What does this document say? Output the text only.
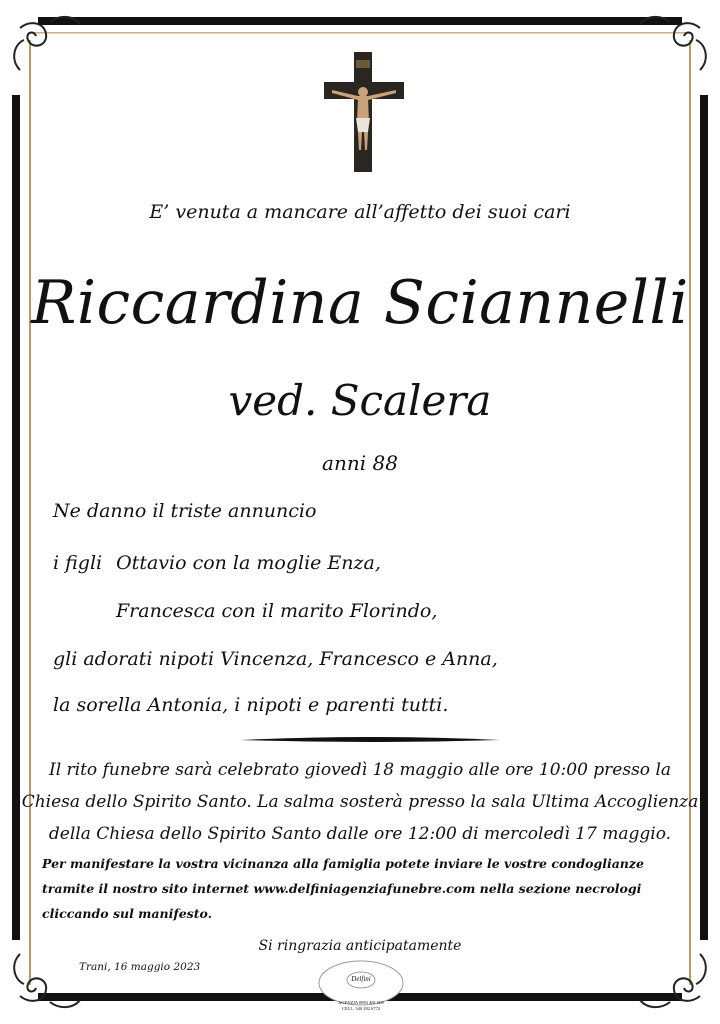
E’ venuta a mancare all’affetto dei suoi cari
Riccardina Sciannelli
ved. Scalera
anni 88
Ne danno il triste annuncio
i figli Ottavio con la moglie Enza,
Francesca con il marito Florindo,
gli adorati nipoti Vincenza, Francesco e Anna,
la sorella Antonia, i nipoti e parenti tutti.
Il rito funebre sarà celebrato giovedì 18 maggio alle ore 10:00 presso la
Chiesa dello Spirito Santo. La salma sosterà presso la sala Ultima Accoglienza
della Chiesa dello Spirito Santo dalle ore 12:00 di mercoledì 17 maggio.
Per manifestare la vostra vicinanza alla famiglia potete inviare le vostre condoglianze
tramite il nostro sito internet www.delfiniagenziafunebre.com nella sezione necrologi
cliccando sul manifesto.
Si ringrazia anticipatamente
Trani, 16 maggio 2023
Delfini
AGENZIA 0883 481 608
CELL. 340 282 6772
